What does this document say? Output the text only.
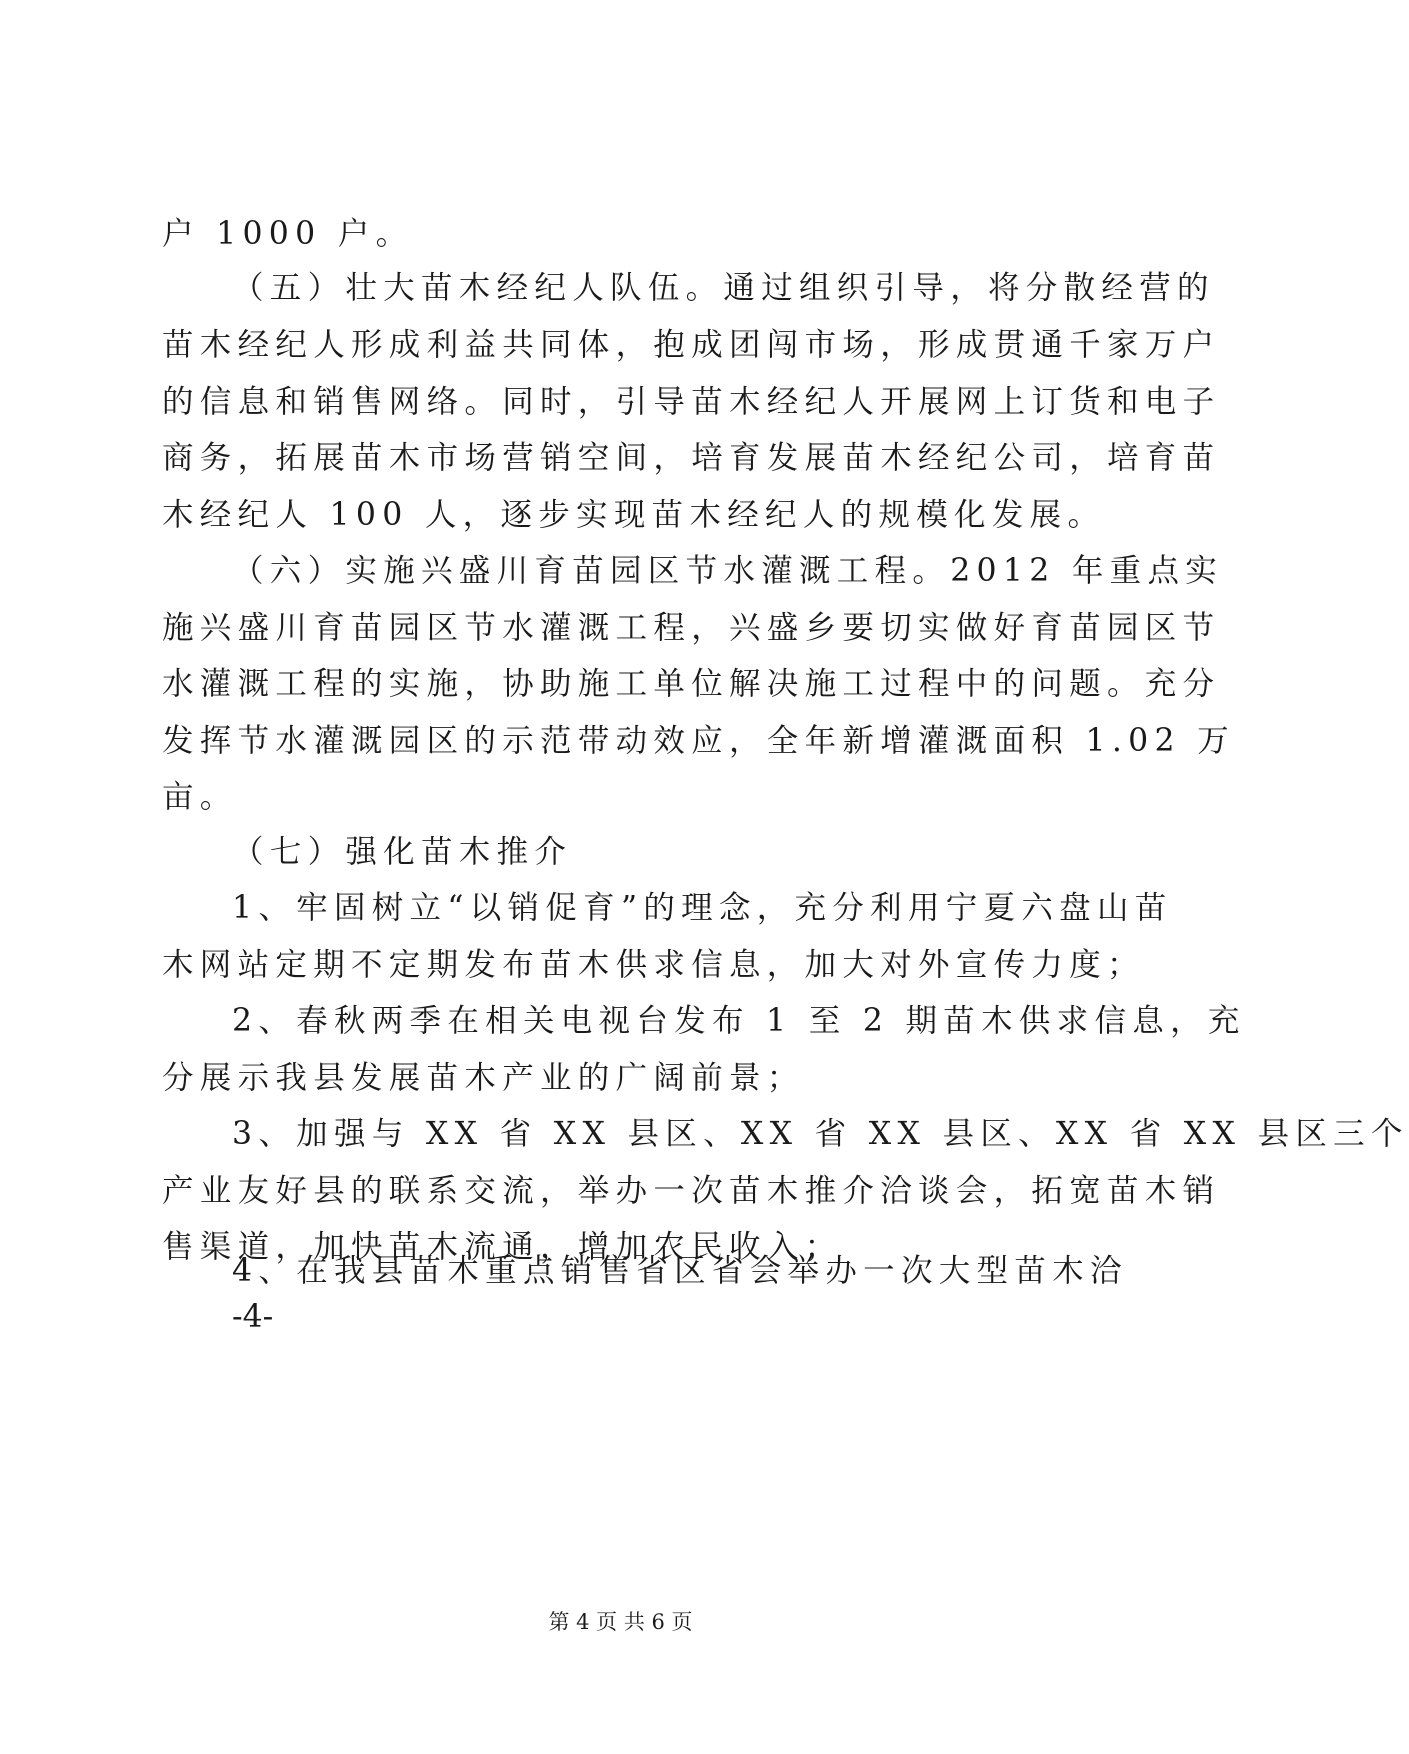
户 1000 户。
（五）壮大苗木经纪人队伍。通过组织引导，将分散经营的
苗木经纪人形成利益共同体，抱成团闯市场，形成贯通千家万户
的信息和销售网络。同时，引导苗木经纪人开展网上订货和电子
商务，拓展苗木市场营销空间，培育发展苗木经纪公司，培育苗
木经纪人 100 人，逐步实现苗木经纪人的规模化发展。
（六）实施兴盛川育苗园区节水灌溉工程。2012 年重点实
施兴盛川育苗园区节水灌溉工程，兴盛乡要切实做好育苗园区节
水灌溉工程的实施，协助施工单位解决施工过程中的问题。充分
发挥节水灌溉园区的示范带动效应，全年新增灌溉面积 1.02 万
亩。
（七）强化苗木推介
1、牢固树立“以销促育”的理念，充分利用宁夏六盘山苗
木网站定期不定期发布苗木供求信息，加大对外宣传力度；
2、春秋两季在相关电视台发布 1 至 2 期苗木供求信息，充
分展示我县发展苗木产业的广阔前景；
3、加强与 XX 省 XX 县区、XX 省 XX 县区、XX 省 XX 县区三个
产业友好县的联系交流，举办一次苗木推介洽谈会，拓宽苗木销
售渠道，加快苗木流通，增加农民收入；
4、在我县苗木重点销售省区省会举办一次大型苗木洽
-4-
第 4 页 共 6 页
